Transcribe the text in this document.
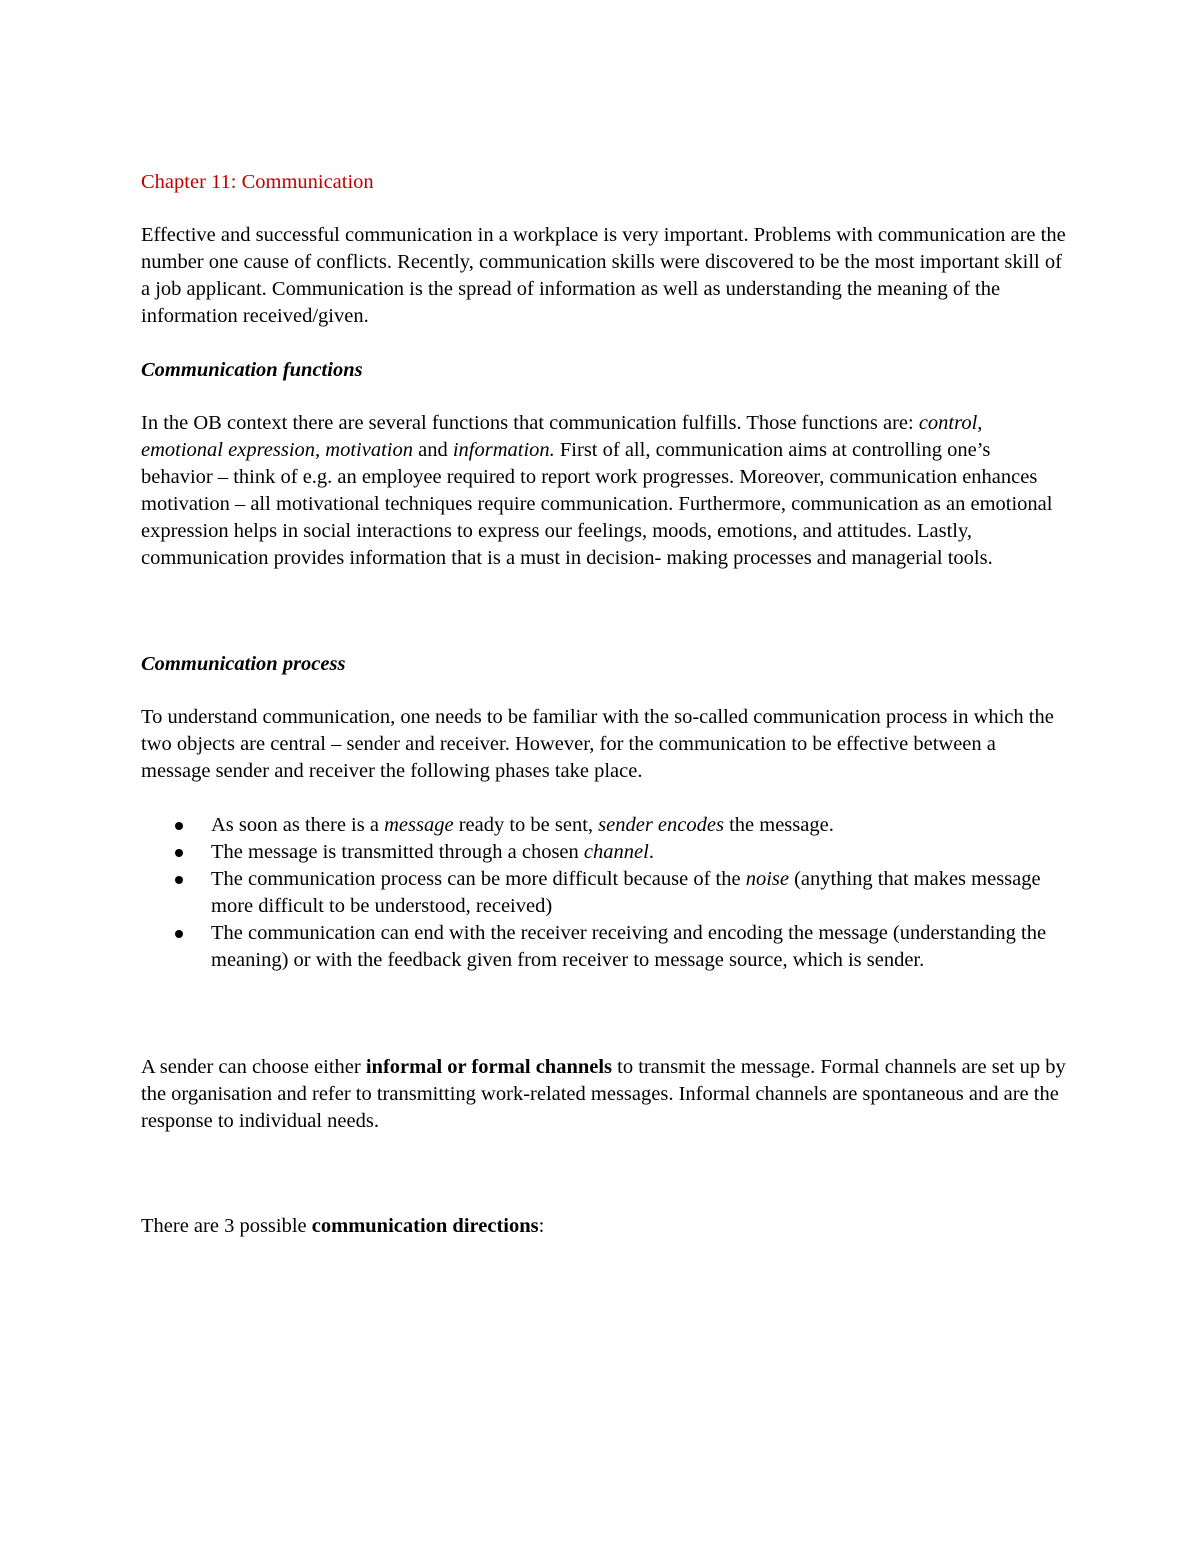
Chapter 11: Communication

Effective and successful communication in a workplace is very important. Problems with communication are the number one cause of conflicts. Recently, communication skills were discovered to be the most important skill of a job applicant. Communication is the spread of information as well as understanding the meaning of the information received/given.

Communication functions

In the OB context there are several functions that communication fulfills. Those functions are: control, emotional expression, motivation and information. First of all, communication aims at controlling one’s behavior – think of e.g. an employee required to report work progresses. Moreover, communication enhances motivation – all motivational techniques require communication. Furthermore, communication as an emotional expression helps in social interactions to express our feelings, moods, emotions, and attitudes. Lastly, communication provides information that is a must in decision- making processes and managerial tools.

Communication process

To understand communication, one needs to be familiar with the so-called communication process in which the two objects are central – sender and receiver. However, for the communication to be effective between a message sender and receiver the following phases take place.

As soon as there is a message ready to be sent, sender encodes the message.
The message is transmitted through a chosen channel.
The communication process can be more difficult because of the noise (anything that makes message more difficult to be understood, received)
The communication can end with the receiver receiving and encoding the message (understanding the meaning) or with the feedback given from receiver to message source, which is sender.

A sender can choose either informal or formal channels to transmit the message. Formal channels are set up by the organisation and refer to transmitting work-related messages. Informal channels are spontaneous and are the response to individual needs.

There are 3 possible communication directions:
